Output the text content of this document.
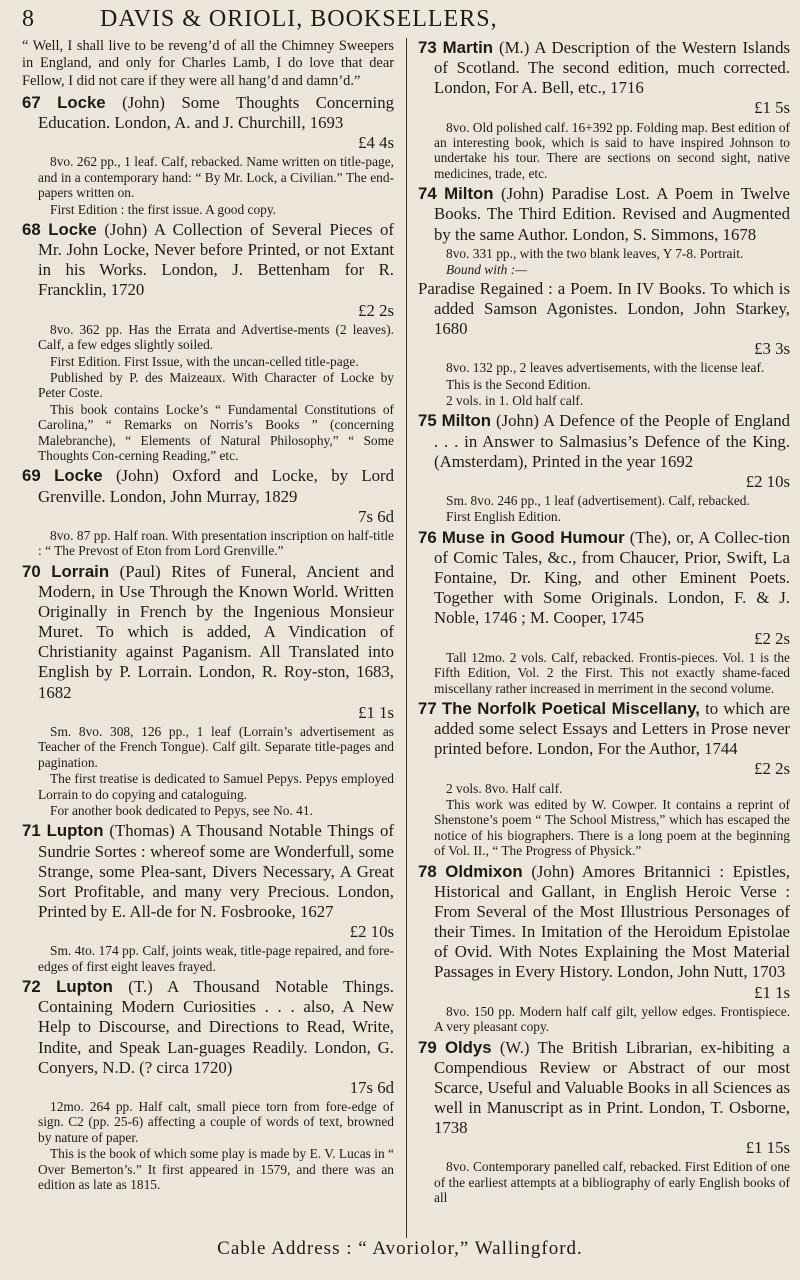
8	DAVIS & ORIOLI, BOOKSELLERS,

“ Well, I shall live to be reveng’d of all the Chimney Sweepers in England, and only for Charles Lamb, I do love that dear Fellow, I did not care if they were all hang’d and damn’d.”

67 Locke (John) Some Thoughts Concerning Education. London, A. and J. Churchill, 1693
£4 4s

8vo. 262 pp., 1 leaf. Calf, rebacked. Name written on title-page, and in a contemporary hand: “ By Mr. Lock, a Civilian.” The end-papers written on.

First Edition : the first issue. A good copy.

68 Locke (John) A Collection of Several Pieces of Mr. John Locke, Never before Printed, or not Extant in his Works. London, J. Bettenham for R. Francklin, 1720
£2 2s

8vo. 362 pp. Has the Errata and Advertise-ments (2 leaves). Calf, a few edges slightly soiled.

First Edition. First Issue, with the uncan-celled title-page.

Published by P. des Maizeaux. With Character of Locke by Peter Coste.

This book contains Locke’s “ Fundamental Constitutions of Carolina,” “ Remarks on Norris’s Books ” (concerning Malebranche), “ Elements of Natural Philosophy,” “ Some Thoughts Con-cerning Reading,” etc.

69 Locke (John) Oxford and Locke, by Lord Grenville. London, John Murray, 1829
7s 6d

8vo. 87 pp. Half roan. With presentation inscription on half-title : “ The Prevost of Eton from Lord Grenville.”

70 Lorrain (Paul) Rites of Funeral, Ancient and Modern, in Use Through the Known World. Written Originally in French by the Ingenious Monsieur Muret. To which is added, A Vindication of Christianity against Paganism. All Translated into English by P. Lorrain. London, R. Roy-ston, 1683, 1682
£1 1s

Sm. 8vo. 308, 126 pp., 1 leaf (Lorrain’s advertisement as Teacher of the French Tongue). Calf gilt. Separate title-pages and pagination.

The first treatise is dedicated to Samuel Pepys. Pepys employed Lorrain to do copying and cataloguing.

For another book dedicated to Pepys, see No. 41.

71 Lupton (Thomas) A Thousand Notable Things of Sundrie Sortes : whereof some are Wonderfull, some Strange, some Plea-sant, Divers Necessary, A Great Sort Profitable, and many very Precious. London, Printed by E. All-de for N. Fosbrooke, 1627
£2 10s

Sm. 4to. 174 pp. Calf, joints weak, title-page repaired, and fore-edges of first eight leaves frayed.

72 Lupton (T.) A Thousand Notable Things. Containing Modern Curiosities . . . also, A New Help to Discourse, and Directions to Read, Write, Indite, and Speak Lan-guages Readily. London, G. Conyers, N.D. (? circa 1720)
17s 6d

12mo. 264 pp. Half calt, small piece torn from fore-edge of sign. C2 (pp. 25-6) affecting a couple of words of text, browned by nature of paper.

This is the book of which some play is made by E. V. Lucas in “ Over Bemerton’s.” It first appeared in 1579, and there was an edition as late as 1815.

73 Martin (M.) A Description of the Western Islands of Scotland. The second edition, much corrected. London, For A. Bell, etc., 1716
£1 5s

8vo. Old polished calf. 16+392 pp. Folding map. Best edition of an interesting book, which is said to have inspired Johnson to undertake his tour. There are sections on second sight, native medicines, trade, etc.

74 Milton (John) Paradise Lost. A Poem in Twelve Books. The Third Edition. Revised and Augmented by the same Author. London, S. Simmons, 1678

8vo. 331 pp., with the two blank leaves, Y 7-8. Portrait.

Bound with :—

Paradise Regained : a Poem. In IV Books. To which is added Samson Agonistes. London, John Starkey, 1680
£3 3s

8vo. 132 pp., 2 leaves advertisements, with the license leaf.

This is the Second Edition.

2 vols. in 1. Old half calf.

75 Milton (John) A Defence of the People of England . . . in Answer to Salmasius’s Defence of the King. (Amsterdam), Printed in the year 1692
£2 10s

Sm. 8vo. 246 pp., 1 leaf (advertisement). Calf, rebacked.

First English Edition.

76 Muse in Good Humour (The), or, A Collec-tion of Comic Tales, &c., from Chaucer, Prior, Swift, La Fontaine, Dr. King, and other Eminent Poets. Together with Some Originals. London, F. & J. Noble, 1746 ; M. Cooper, 1745
£2 2s

Tall 12mo. 2 vols. Calf, rebacked. Frontis-pieces. Vol. 1 is the Fifth Edition, Vol. 2 the First. This not exactly shame-faced miscellany rather increased in merriment in the second volume.

77 The Norfolk Poetical Miscellany, to which are added some select Essays and Letters in Prose never printed before. London, For the Author, 1744
£2 2s

2 vols. 8vo. Half calf.

This work was edited by W. Cowper. It contains a reprint of Shenstone’s poem “ The School Mistress,” which has escaped the notice of his biographers. There is a long poem at the beginning of Vol. II., “ The Progress of Physick.”

78 Oldmixon (John) Amores Britannici : Epistles, Historical and Gallant, in English Heroic Verse : From Several of the Most Illustrious Personages of their Times. In Imitation of the Heroidum Epistolae of Ovid. With Notes Explaining the Most Material Passages in Every History. London, John Nutt, 1703
£1 1s

8vo. 150 pp. Modern half calf gilt, yellow edges. Frontispiece. A very pleasant copy.

79 Oldys (W.) The British Librarian, ex-hibiting a Compendious Review or Abstract of our most Scarce, Useful and Valuable Books in all Sciences as well in Manuscript as in Print. London, T. Osborne, 1738
£1 15s

8vo. Contemporary panelled calf, rebacked. First Edition of one of the earliest attempts at a bibliography of early English books of all

Cable Address : “ Avoriolor,” Wallingford.
